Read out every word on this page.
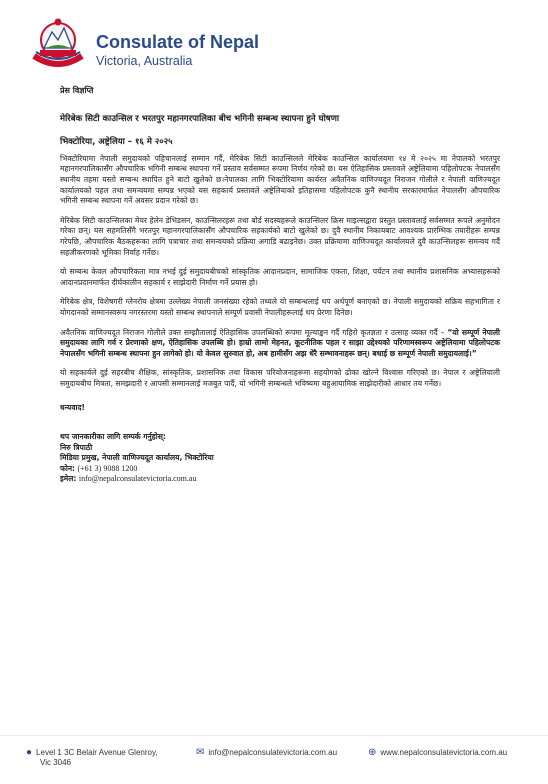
Consulate of Nepal
Victoria, Australia
प्रेस विज्ञप्ति
मेरिबेक सिटी काउन्सिल र भरतपुर महानगरपालिका बीच भगिनी सम्बन्ध स्थापना हुने घोषणा
भिक्टोरिया, अष्ट्रेलिया – १६ मे २०२५

भिक्टोरियामा नेपाली समुदायको पहिचानलाई सम्मान गर्दै, मेरिबेक सिटी काउन्सिलले मेरिबेक काउन्सिल कार्यालयमा १४ मे २०२५ मा नेपालको भरतपुर महानगरपालिकासँग औपचारिक भगिनी सम्बन्ध स्थापना गर्ने प्रस्ताव सर्वसम्मत रूपमा निर्णय गरेको छ। यस ऐतिहासिक प्रस्तावले अष्ट्रेलियामा पहिलोपटक नेपालसँग स्थानीय तहमा यस्तो सम्बन्ध स्थापित हुने बाटो खुलेको छ।नेपालका लागि भिक्टोरियामा कार्यरत अवैतनिक वाणिज्यदूत निराजन गोलीले र नेपाली वाणिज्यदूत कार्यालयको पहल तथा समन्वयमा सम्पन्न भएको यस सहकार्य प्रस्तावले अष्ट्रेलियाको इतिहासमा पहिलोपटक कुनै स्थानीय सरकारमार्फत नेपालसँग औपचारिक भगिनी सम्बन्ध स्थापना गर्ने अवसर प्रदान गरेको छ।

मेरिबेक सिटी काउन्सिलका मेयर हेलेन डेभिडसन, काउन्सिलरहरू तथा बोर्ड सदस्यहरूले काउन्सिलर क्रिस माइल्सद्वारा प्रस्तुत प्रस्तावलाई सर्वसम्मत रूपले अनुमोदन गरेका छन्। यस सहमतिसँगै भरतपुर महानगरपालिकासँग औपचारिक सहकार्यको बाटो खुलेको छ। दुवै स्थानीय निकायबाट आवश्यक प्रारम्भिक तयारीहरू सम्पन्न गरेपछि, औपचारिक बैठकहरूका लागि पत्राचार तथा समन्वयको प्रक्रिया अगाडि बढाइनेछ। उक्त प्रक्रियामा वाणिज्यदूत कार्यालयले दुवै काउन्सिलहरू समन्वय गर्दै सहजीकरणको भूमिका निर्वाह गर्नेछ।

यो सम्बन्ध केवल औपचारिकता मात्र नभई दुई समुदायबीचको सांस्कृतिक आदानप्रदान, सामाजिक एकता, शिक्षा, पर्यटन तथा स्थानीय प्रशासनिक अभ्यासहरूको आदानप्रदानमार्फत दीर्घकालीन सहकार्य र साझेदारी निर्माण गर्ने प्रयास हो।

मेरिबेक क्षेत्र, विशेषगरी ग्लेनरोय क्षेत्रमा उल्लेख्य नेपाली जनसंख्या रहेको तथ्यले यो सम्बन्धलाई थप अर्थपूर्ण बनाएको छ। नेपाली समुदायको सक्रिय सहभागिता र योगदानको सम्मानस्वरूप नगरस्तरमा यस्तो सम्बन्ध स्थापनाले सम्पूर्ण प्रवासी नेपालीहरूलाई थप प्रेरणा दिनेछ।

अवैतनिक वाणिज्यदूत निराजन गोलीले उक्त सम्झौतालाई ऐतिहासिक उपलब्धिको रूपमा मूल्याङ्कन गर्दै गहिरो कृतज्ञता र उत्साह व्यक्त गर्दै – “यो सम्पूर्ण नेपाली समुदायका लागि गर्व र प्रेरणाको क्षण, ऐतिहासिक उपलब्धि हो। हाम्रो लामो मेहनत, कूटनीतिक पहल र साझा उद्देश्यको परिणामस्वरूप अष्ट्रेलियामा पहिलोपटक नेपालसँग भगिनी सम्बन्ध स्थापना हुन लागेको हो। यो केवल सुरुवात हो, अब हामीसँग अझ धेरै सम्भावनाहरू छन्। बधाई छ सम्पूर्ण नेपाली समुदायलाई।”

यो सहकार्यले दुई सहरबीच शैक्षिक, सांस्कृतिक, प्रशासनिक तथा विकास परियोजनाहरूमा सहयोगको ढोका खोल्ने विश्वास गरिएको छ। नेपाल र अष्ट्रेलियाली समुदायबीच मित्रता, समझदारी र आपसी सम्मानलाई मजबुत पार्दै, यो भगिनी सम्बन्धले भविष्यमा बहुआयामिक साझेदारीको आधार तय गर्नेछ।

धन्यवाद!
थप जानकारीका लागि सम्पर्क गर्नुहोस्:
निरु त्रिपाठी
मिडिया प्रमुख, नेपाली वाणिज्यदूत कार्यालय, भिक्टोरिया
फोन: (+61 3) 9088 1200
इमेल: info@nepalconsulatevictoria.com.au
● Level 1 3C Belair Avenue Glenroy,
Vic 3046
✉ info@nepalconsulatevictoria.com.au	⊕ www.nepalconsulatevictoria.com.au
